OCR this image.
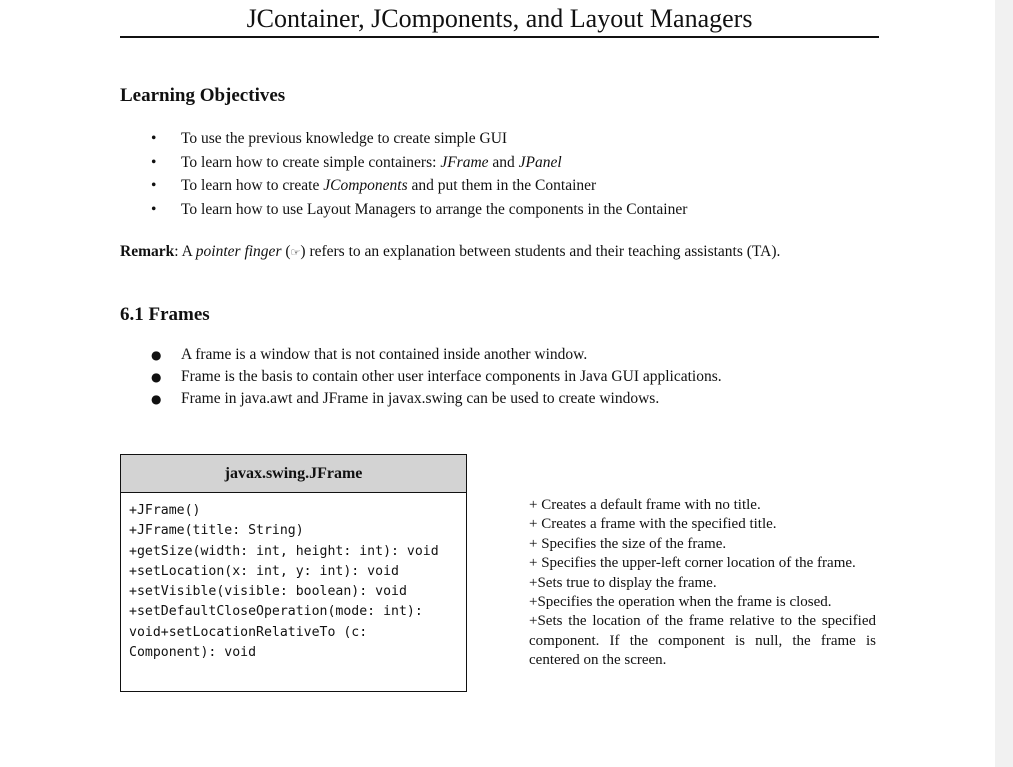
JContainer, JComponents, and Layout Managers
Learning Objectives
• To use the previous knowledge to create simple GUI
• To learn how to create simple containers: JFrame and JPanel
• To learn how to create JComponents and put them in the Container
• To learn how to use Layout Managers to arrange the components in the Container
Remark: A pointer finger (☞) refers to an explanation between students and their teaching assistants (TA).
6.1 Frames
● A frame is a window that is not contained inside another window.
● Frame is the basis to contain other user interface components in Java GUI applications.
● Frame in java.awt and JFrame in javax.swing can be used to create windows.
javax.swing.JFrame
+JFrame()
+JFrame(title: String)
+getSize(width: int, height: int): void
+setLocation(x: int, y: int): void
+setVisible(visible: boolean): void
+setDefaultCloseOperation(mode: int):
void+setLocationRelativeTo (c:
Component): void
+ Creates a default frame with no title.
+ Creates a frame with the specified title.
+ Specifies the size of the frame.
+ Specifies the upper-left corner location of the frame.
+Sets true to display the frame.
+Specifies the operation when the frame is closed.
+Sets the location of the frame relative to the specified component. If the component is null, the frame is centered on the screen.
